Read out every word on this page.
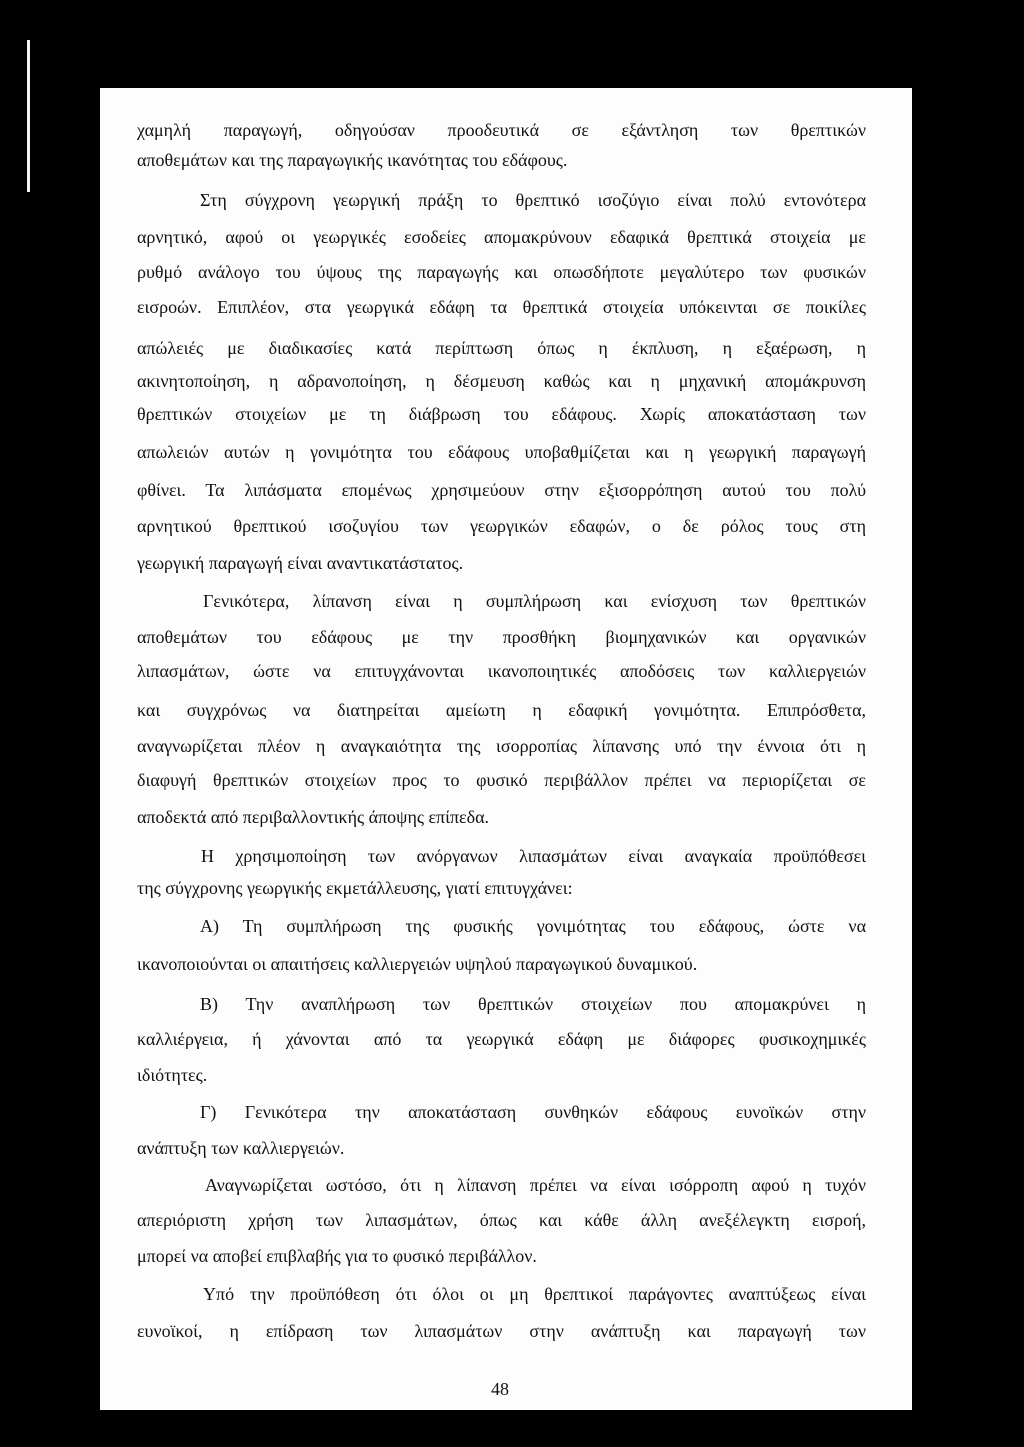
χαμηλή παραγωγή, οδηγούσαν προοδευτικά σε εξάντληση των θρεπτικών
αποθεμάτων και της παραγωγικής ικανότητας του εδάφους.
Στη σύγχρονη γεωργική πράξη το θρεπτικό ισοζύγιο είναι πολύ εντονότερα
αρνητικό, αφού οι γεωργικές εσοδείες απομακρύνουν εδαφικά θρεπτικά στοιχεία με
ρυθμό ανάλογο του ύψους της παραγωγής και οπωσδήποτε μεγαλύτερο των φυσικών
εισροών. Επιπλέον, στα γεωργικά εδάφη τα θρεπτικά στοιχεία υπόκεινται σε ποικίλες
απώλειές με διαδικασίες κατά περίπτωση όπως η έκπλυση, η εξαέρωση, η
ακινητοποίηση, η αδρανοποίηση, η δέσμευση καθώς και η μηχανική απομάκρυνση
θρεπτικών στοιχείων με τη διάβρωση του εδάφους. Χωρίς αποκατάσταση των
απωλειών αυτών η γονιμότητα του εδάφους υποβαθμίζεται και η γεωργική παραγωγή
φθίνει. Τα λιπάσματα επομένως χρησιμεύουν στην εξισορρόπηση αυτού του πολύ
αρνητικού θρεπτικού ισοζυγίου των γεωργικών εδαφών, ο δε ρόλος τους στη
γεωργική παραγωγή είναι αναντικατάστατος.
Γενικότερα, λίπανση είναι η συμπλήρωση και ενίσχυση των θρεπτικών
αποθεμάτων του εδάφους με την προσθήκη βιομηχανικών και οργανικών
λιπασμάτων, ώστε να επιτυγχάνονται ικανοποιητικές αποδόσεις των καλλιεργειών
και συγχρόνως να διατηρείται αμείωτη η εδαφική γονιμότητα. Επιπρόσθετα,
αναγνωρίζεται πλέον η αναγκαιότητα της ισορροπίας λίπανσης υπό την έννοια ότι η
διαφυγή θρεπτικών στοιχείων προς το φυσικό περιβάλλον πρέπει να περιορίζεται σε
αποδεκτά από περιβαλλοντικής άποψης επίπεδα.
Η χρησιμοποίηση των ανόργανων λιπασμάτων είναι αναγκαία προϋπόθεσει
της σύγχρονης γεωργικής εκμετάλλευσης, γιατί επιτυγχάνει:
Α) Τη συμπλήρωση της φυσικής γονιμότητας του εδάφους, ώστε να
ικανοποιούνται οι απαιτήσεις καλλιεργειών υψηλού παραγωγικού δυναμικού.
Β) Την αναπλήρωση των θρεπτικών στοιχείων που απομακρύνει η
καλλιέργεια, ή χάνονται από τα γεωργικά εδάφη με διάφορες φυσικοχημικές
ιδιότητες.
Γ) Γενικότερα την αποκατάσταση συνθηκών εδάφους ευνοϊκών στην
ανάπτυξη των καλλιεργειών.
Αναγνωρίζεται ωστόσο, ότι η λίπανση πρέπει να είναι ισόρροπη αφού η τυχόν
απεριόριστη χρήση των λιπασμάτων, όπως και κάθε άλλη ανεξέλεγκτη εισροή,
μπορεί να αποβεί επιβλαβής για το φυσικό περιβάλλον.
Υπό την προϋπόθεση ότι όλοι οι μη θρεπτικοί παράγοντες αναπτύξεως είναι
ευνοϊκοί, η επίδραση των λιπασμάτων στην ανάπτυξη και παραγωγή των
48
